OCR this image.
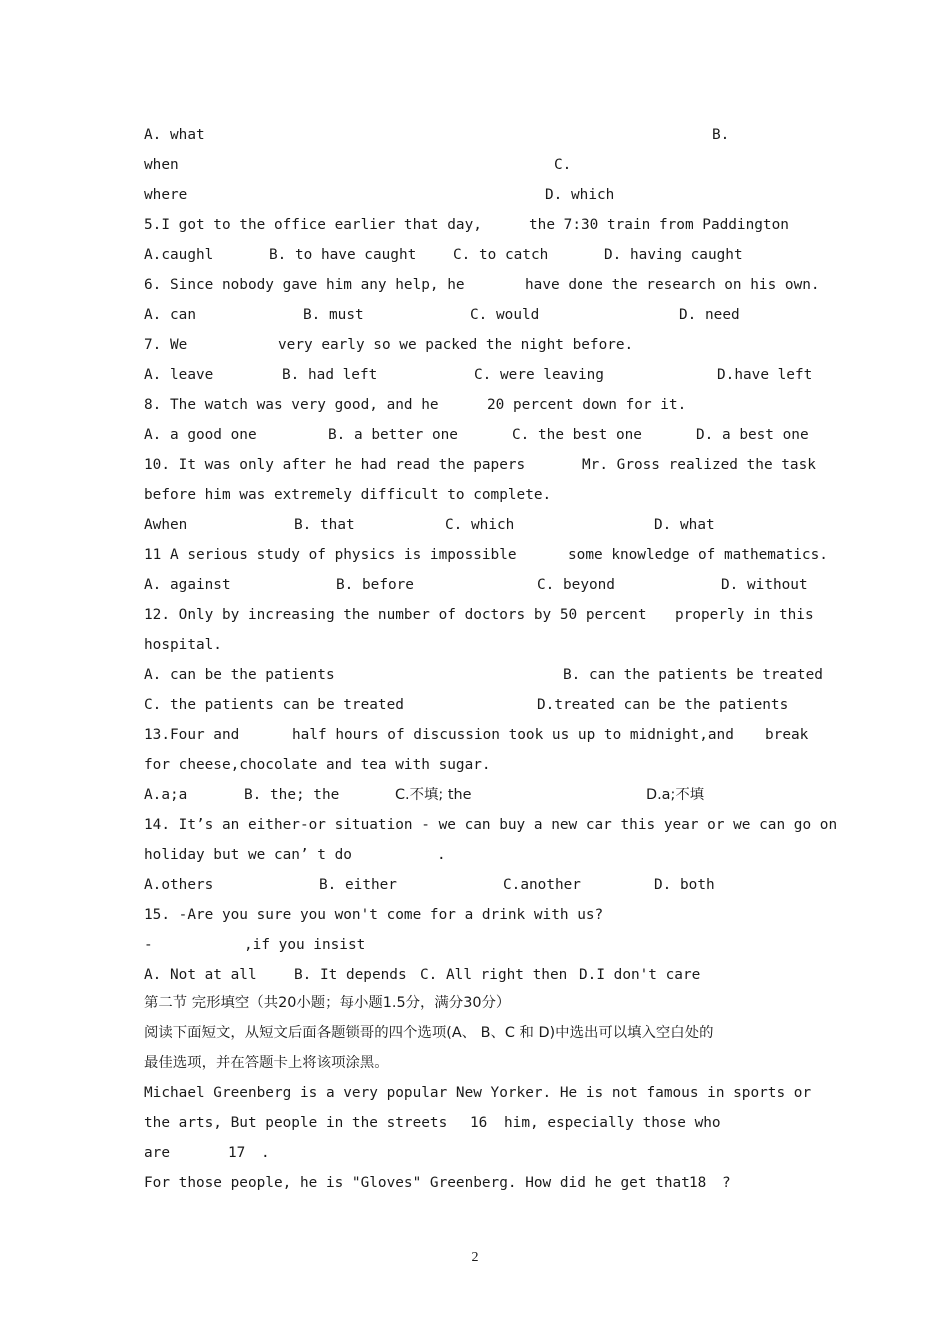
A. what	B.
when	C.
where	D. which
5.I got to the office earlier that day,	the 7:30 train from Paddington
A.caughl	B. to have caught	C. to catch	D. having caught
6. Since nobody gave him any help, he	have done the research on his own.
A. can	B. must	C. would	D. need
7. We	very early so we packed the night before.
A. leave	B. had left	C. were leaving	D.have left
8. The watch was very good, and he	20 percent down for it.
A. a good one	B. a better one	C. the best one	D. a best one
10. It was only after he had read the papers	Mr. Gross realized the task
before him was extremely difficult to complete.
Awhen	B. that	C. which	D. what
11 A serious study of physics is impossible	some knowledge of mathematics.
A. against	B. before	C. beyond	D. without
12. Only by increasing the number of doctors by 50 percent properly in this
hospital.
A. can be the patients	B. can the patients be treated
C. the patients can be treated	D.treated can be the patients
13.Four and	half hours of discussion took us up to midnight,and break
for cheese,chocolate and tea with sugar.
A.a;a	B. the; the	C.不填; the	D.a;不填
14. It’s an either-or situation - we can buy a new car this year or we can go on
holiday but we can’ t do	.
A.others	B. either	C.another	D. both
15. -Are you sure you won't come for a drink with us?
-	,if you insist
A. Not at all	B. It depends C. All right then D.I don't care
第二节 完形填空（共20小题；每小题1.5分，满分30分）
阅读下面短文，从短文后面各题锁哥的四个选项(A、 B、C 和 D)中选出可以填入空白处的
最佳选项，并在答题卡上将该项涂黑。
Michael Greenberg is a very popular New Yorker. He is not famous in sports or
the arts, But people in the streets 16 him, especially those who
are	17 .
For those people, he is "Gloves" Greenberg. How did he get that 18 ?
2
